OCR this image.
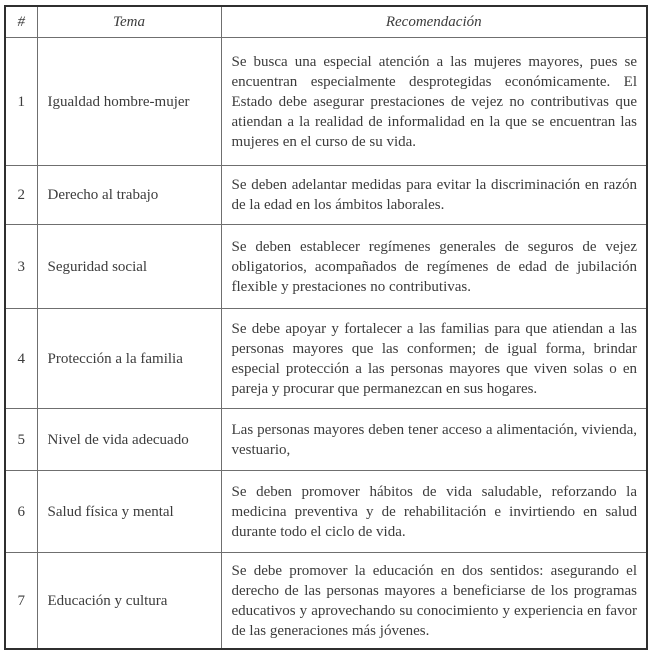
#	Tema	Recomendación
1	Igualdad hombre-mujer	Se busca una especial atención a las mujeres mayores, pues se encuentran especialmente desprotegidas económicamente. El Estado debe asegurar prestaciones de vejez no contributivas que atiendan a la realidad de informalidad en la que se encuentran las mujeres en el curso de su vida.
2	Derecho al trabajo	Se deben adelantar medidas para evitar la discriminación en razón de la edad en los ámbitos laborales.
3	Seguridad social	Se deben establecer regímenes generales de seguros de vejez obligatorios, acompañados de regímenes de edad de jubilación flexible y prestaciones no contributivas.
4	Protección a la familia	Se debe apoyar y fortalecer a las familias para que atiendan a las personas mayores que las conformen; de igual forma, brindar especial protección a las personas mayores que viven solas o en pareja y procurar que permanezcan en sus hogares.
5	Nivel de vida adecuado	Las personas mayores deben tener acceso a alimentación, vivienda, vestuario,
6	Salud física y mental	Se deben promover hábitos de vida saludable, reforzando la medicina preventiva y de rehabilitación e invirtiendo en salud durante todo el ciclo de vida.
7	Educación y cultura	Se debe promover la educación en dos sentidos: asegurando el derecho de las personas mayores a beneficiarse de los programas educativos y aprovechando su conocimiento y experiencia en favor de las generaciones más jóvenes.
